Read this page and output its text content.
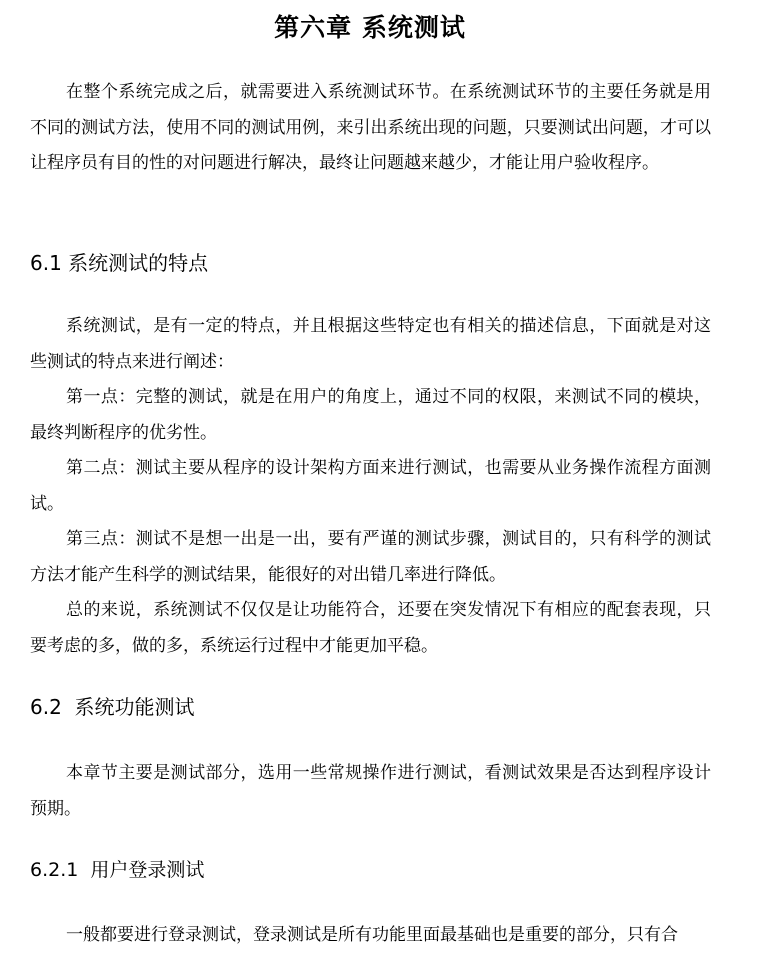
第六章 系统测试

在整个系统完成之后，就需要进入系统测试环节。在系统测试环节的主要任务就是用不同的测试方法，使用不同的测试用例，来引出系统出现的问题，只要测试出问题，才可以让程序员有目的性的对问题进行解决，最终让问题越来越少，才能让用户验收程序。

6.1 系统测试的特点

系统测试，是有一定的特点，并且根据这些特定也有相关的描述信息，下面就是对这些测试的特点来进行阐述：

第一点：完整的测试，就是在用户的角度上，通过不同的权限，来测试不同的模块，最终判断程序的优劣性。

第二点：测试主要从程序的设计架构方面来进行测试，也需要从业务操作流程方面测试。

第三点：测试不是想一出是一出，要有严谨的测试步骤，测试目的，只有科学的测试方法才能产生科学的测试结果，能很好的对出错几率进行降低。

总的来说，系统测试不仅仅是让功能符合，还要在突发情况下有相应的配套表现，只要考虑的多，做的多，系统运行过程中才能更加平稳。

6.2  系统功能测试

本章节主要是测试部分，选用一些常规操作进行测试，看测试效果是否达到程序设计预期。

6.2.1  用户登录测试

一般都要进行登录测试，登录测试是所有功能里面最基础也是重要的部分，只有合
